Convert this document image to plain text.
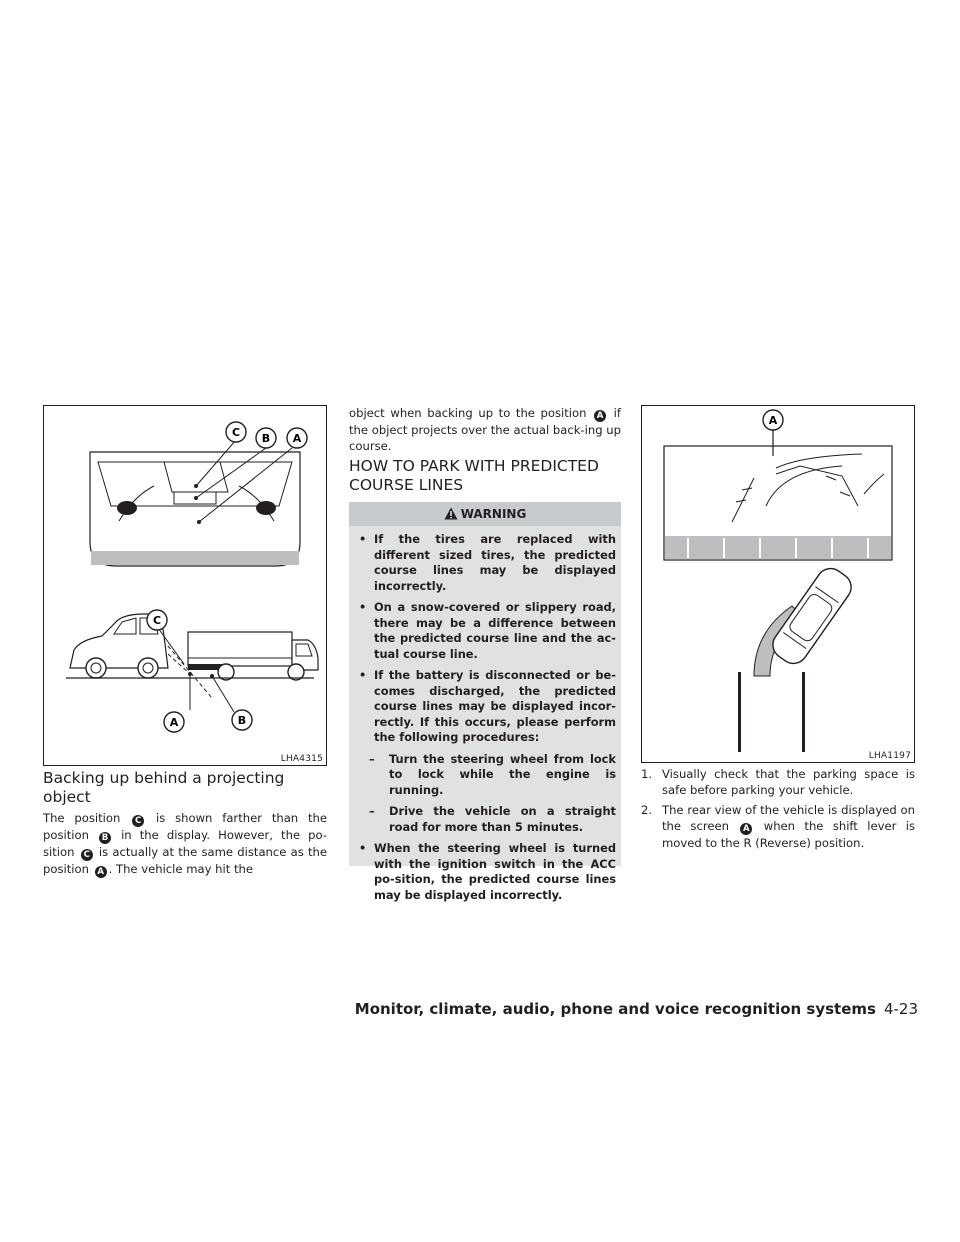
C B A
C
A	B
LHA4315
Backing up behind a projecting
object
The position C is shown farther than the position B in the display. However, the po-sition C is actually at the same distance as the position A . The vehicle may hit the
object when backing up to the position A if the object projects over the actual back-ing up course.
HOW TO PARK WITH PREDICTED
COURSE LINES
WARNING
• If the tires are replaced with different sized tires, the predicted course lines may be displayed incorrectly.
• On a snow-covered or slippery road, there may be a difference between the predicted course line and the ac-tual course line.
• If the battery is disconnected or be-comes discharged, the predicted course lines may be displayed incor-rectly. If this occurs, please perform the following procedures:
– Turn the steering wheel from lock to lock while the engine is running.
– Drive the vehicle on a straight road for more than 5 minutes.
• When the steering wheel is turned with the ignition switch in the ACC po-sition, the predicted course lines may be displayed incorrectly.
A
LHA1197
1. Visually check that the parking space is safe before parking your vehicle.
2. The rear view of the vehicle is displayed on the screen A when the shift lever is moved to the R (Reverse) position.
Monitor, climate, audio, phone and voice recognition systems 4-23
